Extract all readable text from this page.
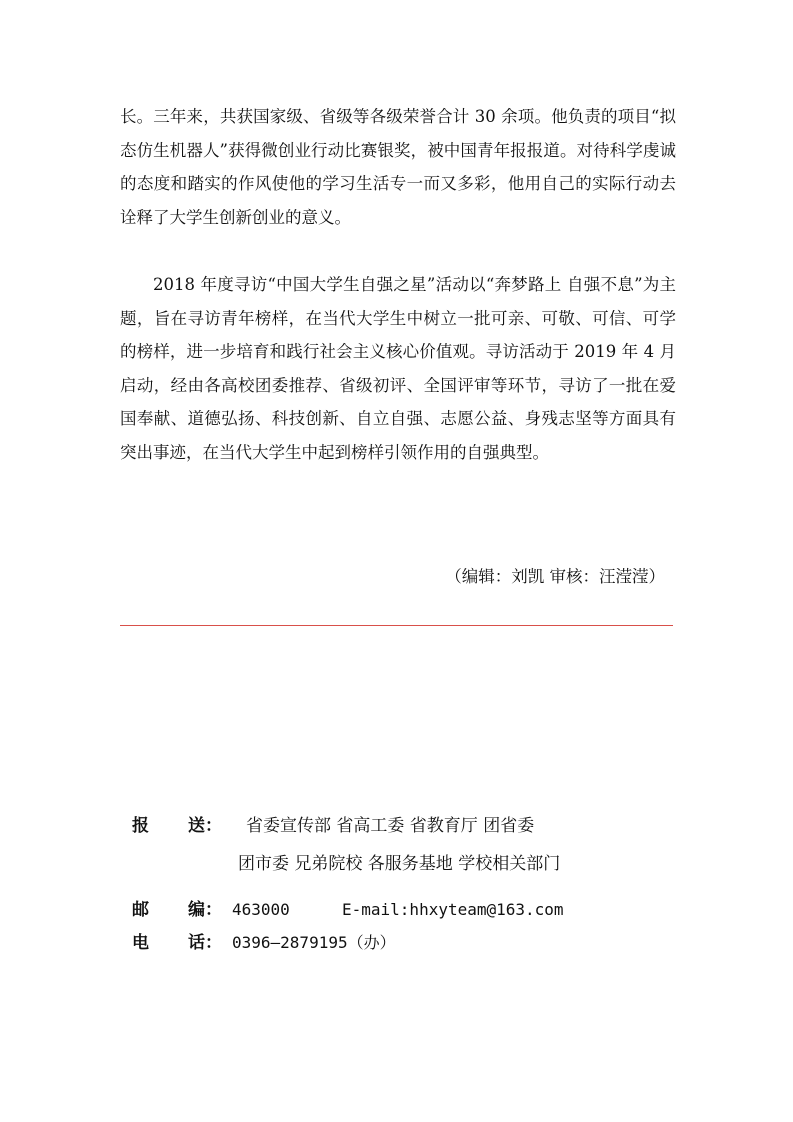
长。三年来，共获国家级、省级等各级荣誉合计 30 余项。他负责的项目“拟态仿生机器人”获得微创业行动比赛银奖，被中国青年报报道。对待科学虔诚的态度和踏实的作风使他的学习生活专一而又多彩，他用自己的实际行动去诠释了大学生创新创业的意义。

2018 年度寻访“中国大学生自强之星”活动以“奔梦路上 自强不息”为主题，旨在寻访青年榜样，在当代大学生中树立一批可亲、可敬、可信、可学的榜样，进一步培育和践行社会主义核心价值观。寻访活动于 2019 年 4 月启动，经由各高校团委推荐、省级初评、全国评审等环节，寻访了一批在爱国奉献、道德弘扬、科技创新、自立自强、志愿公益、身残志坚等方面具有突出事迹，在当代大学生中起到榜样引领作用的自强典型。

（编辑：刘凯 审核：汪滢滢）
报 送： 省委宣传部 省高工委 省教育厅 团省委
团市委 兄弟院校 各服务基地 学校相关部门
邮 编： 463000	E-mail:hhxyteam@163.com
电 话： 0396—2879195（办）
